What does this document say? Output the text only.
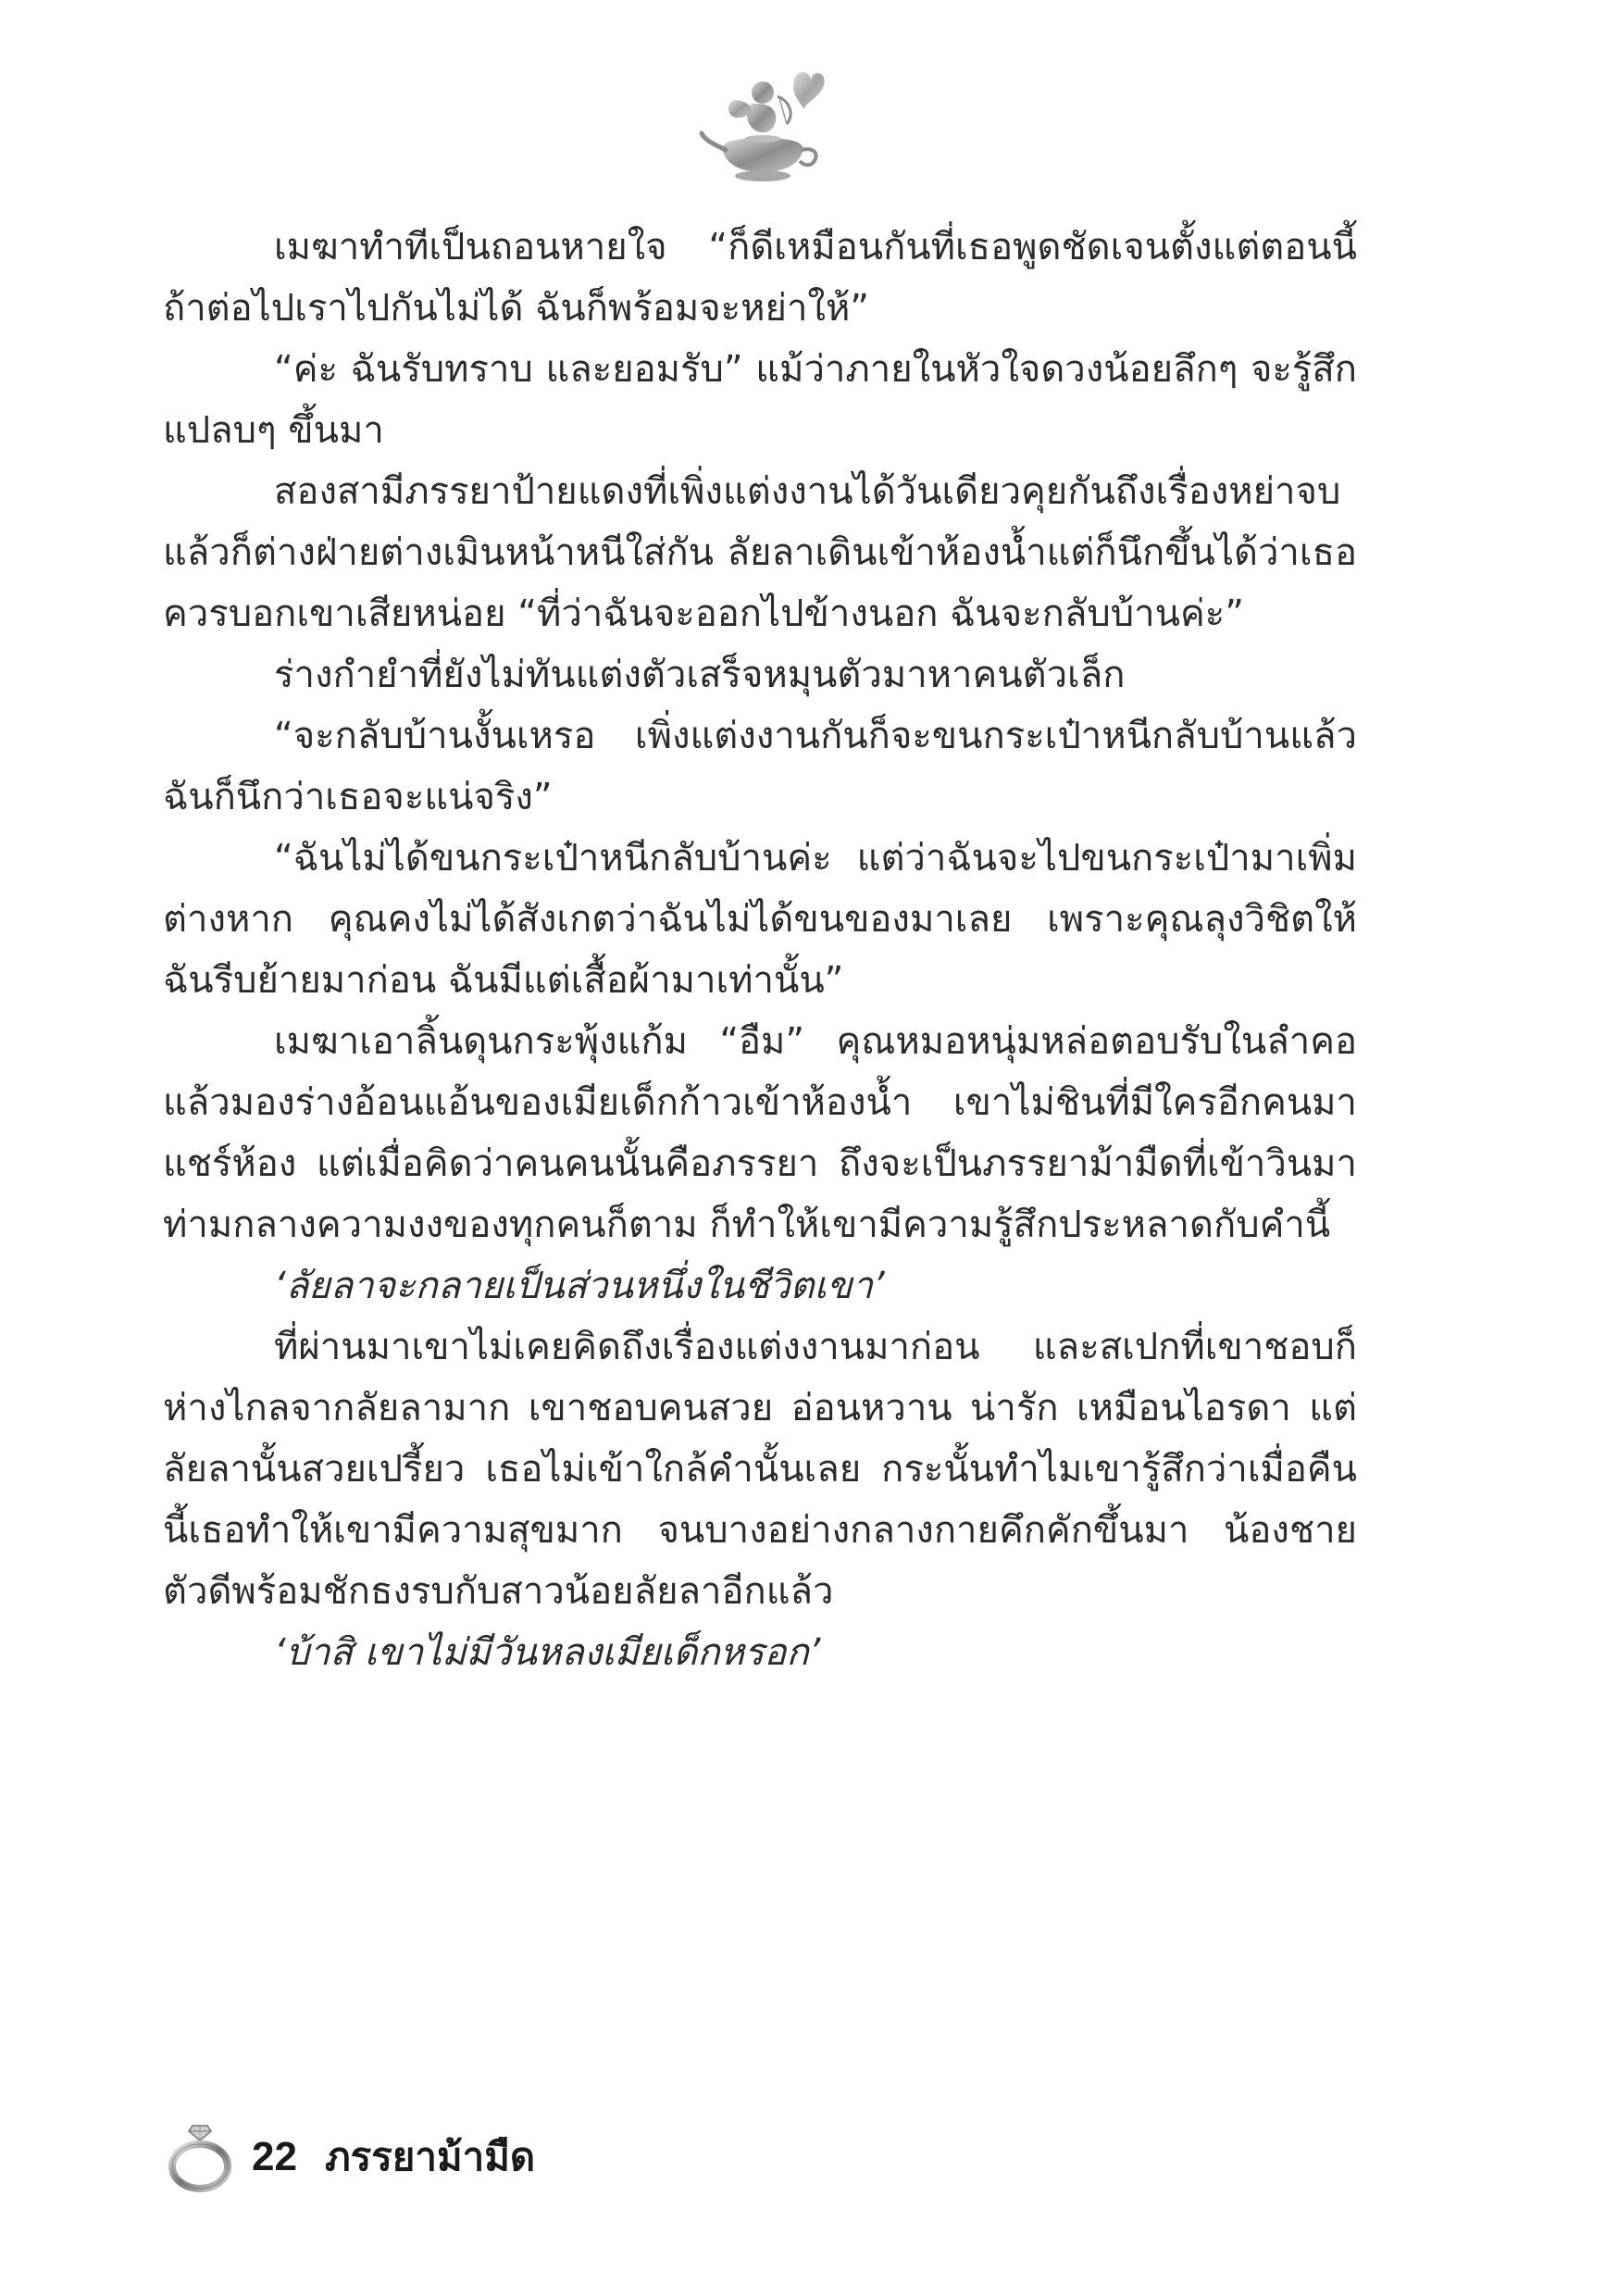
เมฆาทำทีเป็นถอนหายใจ “ก็ดีเหมือนกันที่เธอพูดชัดเจนตั้งแต่ตอนนี้ ถ้าต่อไปเราไปกันไม่ได้ ฉันก็พร้อมจะหย่าให้”

“ค่ะ ฉันรับทราบ และยอมรับ” แม้ว่าภายในหัวใจดวงน้อยลึกๆ จะรู้สึกแปลบๆ ขึ้นมา

สองสามีภรรยาป้ายแดงที่เพิ่งแต่งงานได้วันเดียวคุยกันถึงเรื่องหย่าจบแล้วก็ต่างฝ่ายต่างเมินหน้าหนีใส่กัน ลัยลาเดินเข้าห้องน้ำแต่ก็นึกขึ้นได้ว่าเธอควรบอกเขาเสียหน่อย “ที่ว่าฉันจะออกไปข้างนอก ฉันจะกลับบ้านค่ะ”

ร่างกำยำที่ยังไม่ทันแต่งตัวเสร็จหมุนตัวมาหาคนตัวเล็ก

“จะกลับบ้านงั้นเหรอ เพิ่งแต่งงานกันก็จะขนกระเป๋าหนีกลับบ้านแล้ว ฉันก็นึกว่าเธอจะแน่จริง”

“ฉันไม่ได้ขนกระเป๋าหนีกลับบ้านค่ะ แต่ว่าฉันจะไปขนกระเป๋ามาเพิ่มต่างหาก คุณคงไม่ได้สังเกตว่าฉันไม่ได้ขนของมาเลย เพราะคุณลุงวิชิตให้ฉันรีบย้ายมาก่อน ฉันมีแต่เสื้อผ้ามาเท่านั้น”

เมฆาเอาลิ้นดุนกระพุ้งแก้ม “อืม” คุณหมอหนุ่มหล่อตอบรับในลำคอแล้วมองร่างอ้อนแอ้นของเมียเด็กก้าวเข้าห้องน้ำ เขาไม่ชินที่มีใครอีกคนมาแชร์ห้อง แต่เมื่อคิดว่าคนคนนั้นคือภรรยา ถึงจะเป็นภรรยาม้ามืดที่เข้าวินมาท่ามกลางความงงของทุกคนก็ตาม ก็ทำให้เขามีความรู้สึกประหลาดกับคำนี้

‘ลัยลาจะกลายเป็นส่วนหนึ่งในชีวิตเขา’

ที่ผ่านมาเขาไม่เคยคิดถึงเรื่องแต่งงานมาก่อน และสเปกที่เขาชอบก็ห่างไกลจากลัยลามาก เขาชอบคนสวย อ่อนหวาน น่ารัก เหมือนไอรดา แต่ลัยลานั้นสวยเปรี้ยว เธอไม่เข้าใกล้คำนั้นเลย กระนั้นทำไมเขารู้สึกว่าเมื่อคืนนี้เธอทำให้เขามีความสุขมาก จนบางอย่างกลางกายคึกคักขึ้นมา น้องชายตัวดีพร้อมชักธงรบกับสาวน้อยลัยลาอีกแล้ว

‘บ้าสิ เขาไม่มีวันหลงเมียเด็กหรอก’

22 ภรรยาม้ามืด
